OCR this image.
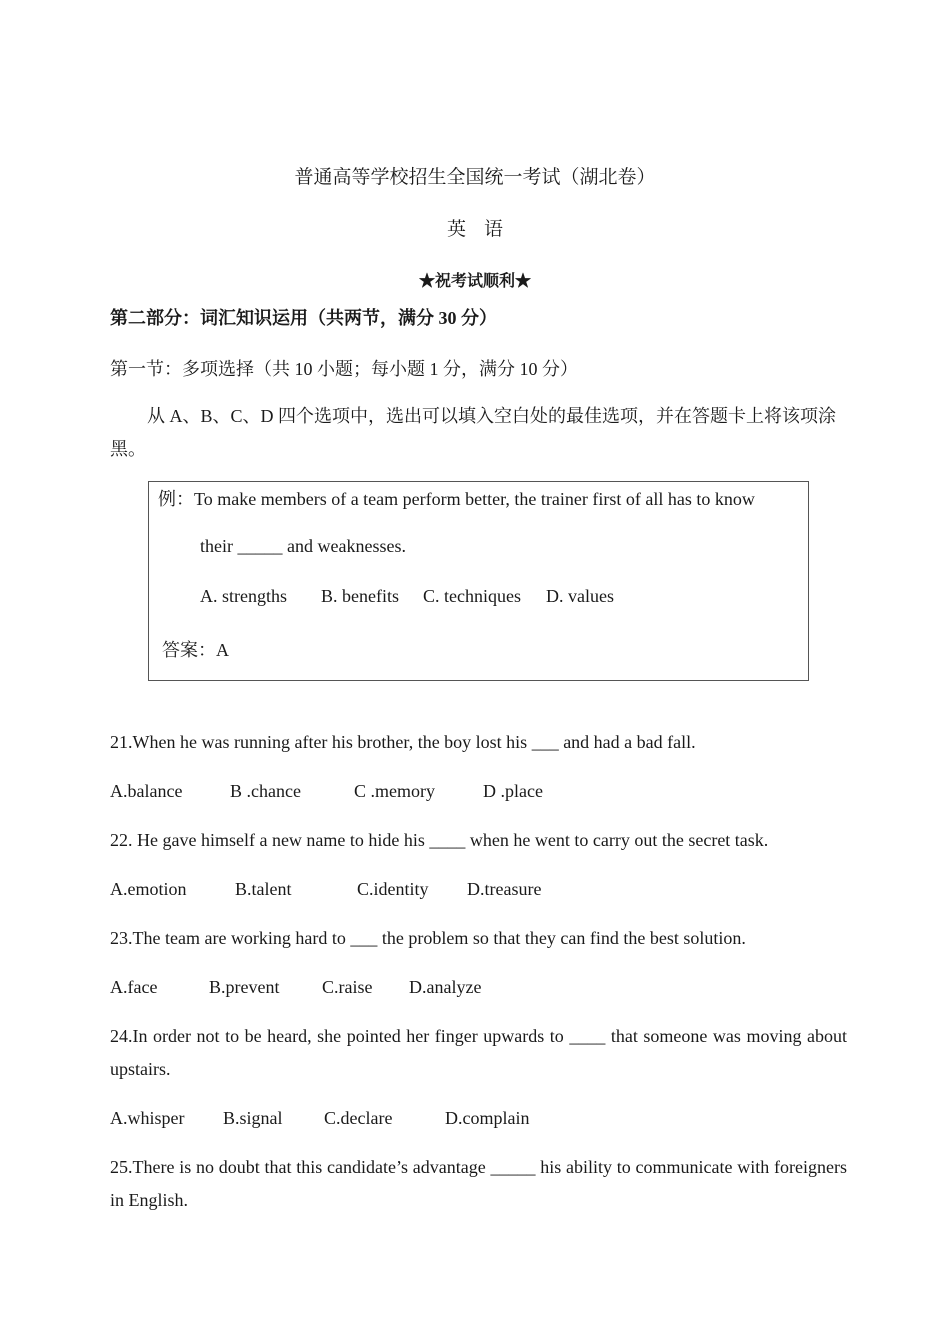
普通高等学校招生全国统一考试（湖北卷）
英语
★祝考试顺利★
第二部分：词汇知识运用（共两节，满分 30 分）
第一节：多项选择（共 10 小题；每小题 1 分，满分 10 分）
从 A、B、C、D 四个选项中，选出可以填入空白处的最佳选项，并在答题卡上将该项涂黑。
例：To make members of a team perform better, the trainer first of all has to know
their _____ and weaknesses.
A. strengths B. benefits C. techniques D. values
答案：A
21.When he was running after his brother, the boy lost his ___ and had a bad fall.
A.balance	B .chance	C .memory	D .place
22. He gave himself a new name to hide his ____ when he went to carry out the secret task.
A.emotion	B.talent	C.identity D.treasure
23.The team are working hard to ___ the problem so that they can find the best solution.
A.face	B.prevent C.raise D.analyze
24.In order not to be heard, she pointed her finger upwards to ____ that someone was moving about upstairs.
A.whisper B.signal C.declare	D.complain
25.There is no doubt that this candidate’s advantage _____ his ability to communicate with foreigners in English.
